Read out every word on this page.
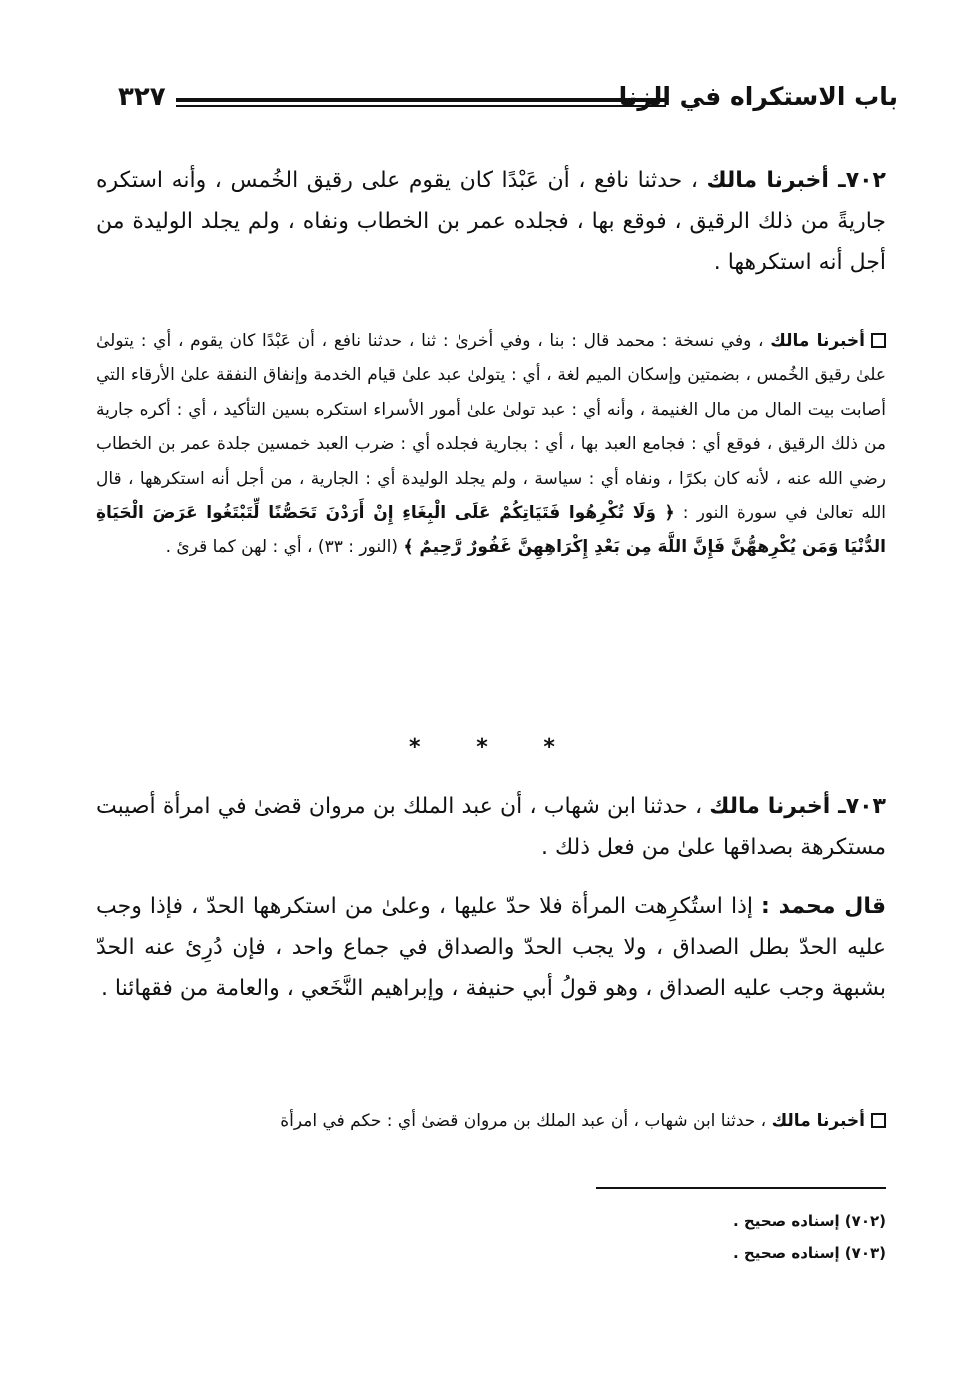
باب الاستكراه في الزنا
٣٢٧
٧٠٢ـ أخبرنا مالك ، حدثنا نافع ، أن عَبْدًا كان يقوم على رقيق الخُمس ، وأنه استكره جاريةً من ذلك الرقيق ، فوقع بها ، فجلده عمر بن الخطاب ونفاه ، ولم يجلد الوليدة من أجل أنه استكرهها .
أخبرنا مالك ، وفي نسخة : محمد قال : بنا ، وفي أخرىٰ : ثنا ، حدثنا نافع ، أن عَبْدًا كان يقوم ، أي : يتولىٰ علىٰ رقيق الخُمس ، بضمتين وإسكان الميم لغة ، أي : يتولىٰ عبد علىٰ قيام الخدمة وإنفاق النفقة علىٰ الأرقاء التي أصابت بيت المال من مال الغنيمة ، وأنه أي : عبد تولىٰ علىٰ أمور الأسراء استكره بسين التأكيد ، أي : أكره جارية من ذلك الرقيق ، فوقع أي : فجامع العبد بها ، أي : بجارية فجلده أي : ضرب العبد خمسين جلدة عمر بن الخطاب رضي الله عنه ، لأنه كان بكرًا ، ونفاه أي : سياسة ، ولم يجلد الوليدة أي : الجارية ، من أجل أنه استكرهها ، قال الله تعالىٰ في سورة النور : ﴿ وَلَا تُكْرِهُوا فَتَيَاتِكُمْ عَلَى الْبِغَاءِ إِنْ أَرَدْنَ تَحَصُّنًا لِّتَبْتَغُوا عَرَضَ الْحَيَاةِ الدُّنْيَا وَمَن يُكْرِههُّنَّ فَإِنَّ اللَّهَ مِن بَعْدِ إِكْرَاهِهِنَّ غَفُورٌ رَّحِيمٌ ﴾ (النور : ٣٣) ، أي : لهن كما قرئ .
*	*	*
٧٠٣ـ أخبرنا مالك ، حدثنا ابن شهاب ، أن عبد الملك بن مروان قضىٰ في امرأة أصيبت مستكرهة بصداقها علىٰ من فعل ذلك .
قال محمد : إذا استُكرِهت المرأة فلا حدّ عليها ، وعلىٰ من استكرهها الحدّ ، فإذا وجب عليه الحدّ بطل الصداق ، ولا يجب الحدّ والصداق في جماع واحد ، فإن دُرِئ عنه الحدّ بشبهة وجب عليه الصداق ، وهو قولُ أبي حنيفة ، وإبراهيم النَّخَعي ، والعامة من فقهائنا .
أخبرنا مالك ، حدثنا ابن شهاب ، أن عبد الملك بن مروان قضىٰ أي : حكم في امرأة
(٧٠٢) إسناده صحيح .
(٧٠٣) إسناده صحيح .
